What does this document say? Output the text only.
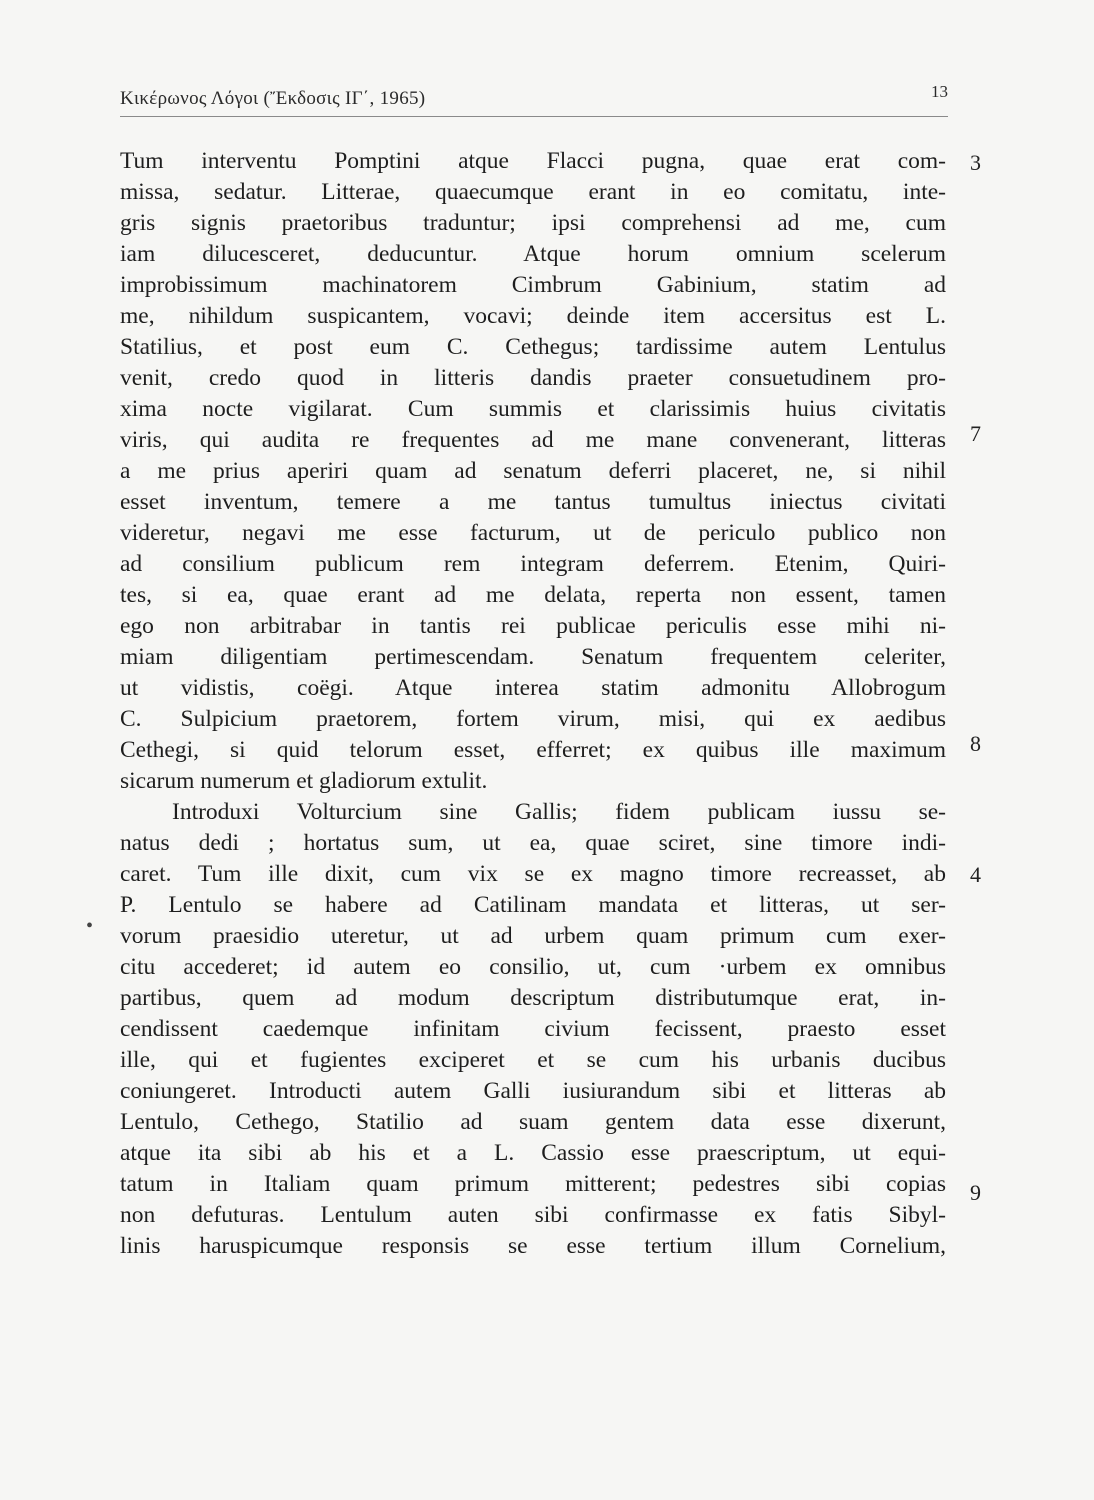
Κικέρωνος Λόγοι (Ἔκδοσις ΙΓ΄, 1965)	13
3
7
8
4
9
•
Tum interventu Pomptini atque Flacci pugna, quae erat com-
missa, sedatur. Litterae, quaecumque erant in eo comitatu, inte-
gris signis praetoribus traduntur; ipsi comprehensi ad me, cum
iam dilucesceret, deducuntur. Atque horum omnium scelerum
improbissimum machinatorem Cimbrum Gabinium, statim ad
me, nihildum suspicantem, vocavi; deinde item accersitus est L.
Statilius, et post eum C. Cethegus; tardissime autem Lentulus
venit, credo quod in litteris dandis praeter consuetudinem pro-
xima nocte vigilarat. Cum summis et clarissimis huius civitatis
viris, qui audita re frequentes ad me mane convenerant, litteras
a me prius aperiri quam ad senatum deferri placeret, ne, si nihil
esset inventum, temere a me tantus tumultus iniectus civitati
videretur, negavi me esse facturum, ut de periculo publico non
ad consilium publicum rem integram deferrem. Etenim, Quiri-
tes, si ea, quae erant ad me delata, reperta non essent, tamen
ego non arbitrabar in tantis rei publicae periculis esse mihi ni-
miam diligentiam pertimescendam. Senatum frequentem celeriter,
ut vidistis, coëgi. Atque interea statim admonitu Allobrogum
C. Sulpicium praetorem, fortem virum, misi, qui ex aedibus
Cethegi, si quid telorum esset, efferret; ex quibus ille maximum
sicarum numerum et gladiorum extulit.
Introduxi Volturcium sine Gallis; fidem publicam iussu se-
natus dedi ; hortatus sum, ut ea, quae sciret, sine timore indi-
caret. Tum ille dixit, cum vix se ex magno timore recreasset, ab
P. Lentulo se habere ad Catilinam mandata et litteras, ut ser-
vorum praesidio uteretur, ut ad urbem quam primum cum exer-
citu accederet; id autem eo consilio, ut, cum ·urbem ex omnibus
partibus, quem ad modum descriptum distributumque erat, in-
cendissent caedemque infinitam civium fecissent, praesto esset
ille, qui et fugientes exciperet et se cum his urbanis ducibus
coniungeret. Introducti autem Galli iusiurandum sibi et litteras ab
Lentulo, Cethego, Statilio ad suam gentem data esse dixerunt,
atque ita sibi ab his et a L. Cassio esse praescriptum, ut equi-
tatum in Italiam quam primum mitterent; pedestres sibi copias
non defuturas. Lentulum auten sibi confirmasse ex fatis Sibyl-
linis haruspicumque responsis se esse tertium illum Cornelium,
